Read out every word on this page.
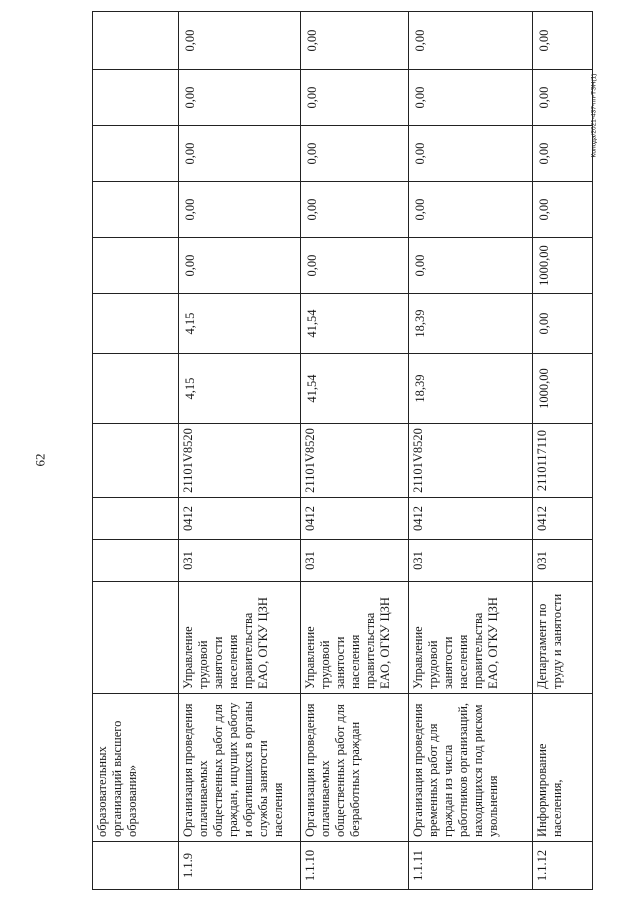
62
Колода/2021-437-пп-ТЭН(1)
	образовательных организаций высшего образования»											
1.1.9	Организация проведения оплачиваемых общественных работ для граждан, ищущих работу и обратившихся в органы службы занятости населения	Управление трудовой занятости населения правительства ЕАО, ОГКУ ЦЗН	031	0412	21101V8520	4,15	4,15	0,00	0,00	0,00	0,00	0,00
1.1.10	Организация проведения оплачиваемых общественных работ для безработных граждан	Управление трудовой занятости населения правительства ЕАО, ОГКУ ЦЗН	031	0412	21101V8520	41,54	41,54	0,00	0,00	0,00	0,00	0,00
1.1.11	Организация проведения временных работ для граждан из числа работников организаций, находящихся под риском увольнения	Управление трудовой занятости населения правительства ЕАО, ОГКУ ЦЗН	031	0412	21101V8520	18,39	18,39	0,00	0,00	0,00	0,00	0,00
1.1.12	Информирование населения,	Департамент по труду и занятости	031	0412	2110117110	1000,00	0,00	1000,00	0,00	0,00	0,00	0,00
